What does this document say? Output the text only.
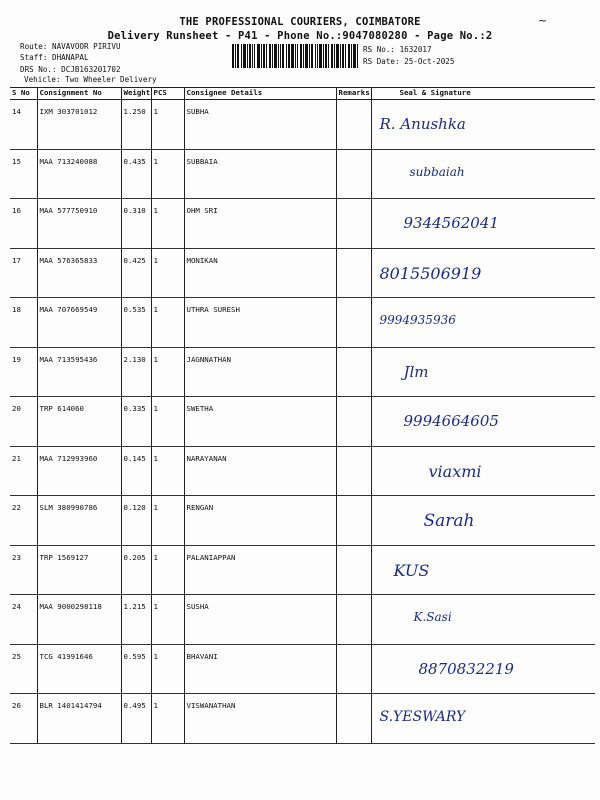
THE PROFESSIONAL COURIERS, COIMBATORE
Delivery Runsheet - P41 - Phone No.:9047080280 - Page No.:2
~
Route: NAVAVOOR PIRIVU
Staff: DHANAPAL
DRS No.: DCJB163201702
Vehicle: Two Wheeler Delivery
RS No.: 1632017
RS Date: 25-Oct-2025
S No	Consignment No	Weight	PCS	Consignee Details	Remarks	Seal & Signature
14	IXM 303701012	1.250	1	SUBHA		R. Anushka

15	MAA 713240088	0.435	1	SUBBAIA		subbaiah

16	MAA 577750910	0.310	1	OHM SRI		9344562041

17	MAA 576365833	0.425	1	MONIKAN		8015506919

18	MAA 707669549	0.535	1	UTHRA SURESH		9994935936

19	MAA 713595436	2.130	1	JAGNNATHAN		Jlm

20	TRP 614060	0.335	1	SWETHA		9994664605

21	MAA 712993960	0.145	1	NARAYANAN		viaxmi

22	SLM 380990786	0.120	1	RENGAN		Sarah

23	TRP 1569127	0.205	1	PALANIAPPAN		KUS

24	MAA 9000298118	1.215	1	SUSHA		K.Sasi

25	TCG 41991646	0.595	1	BHAVANI		8870832219

26	BLR 1401414794	0.495	1	VISWANATHAN		S.YESWARY
